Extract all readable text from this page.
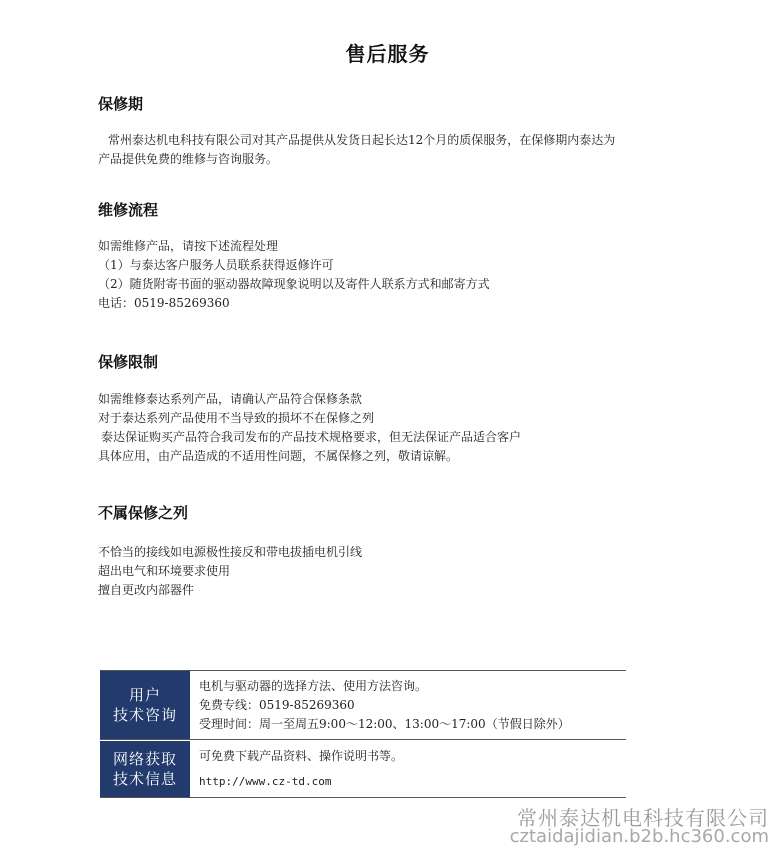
售后服务
保修期

常州泰达机电科技有限公司对其产品提供从发货日起长达12个月的质保服务，在保修期内泰达为

产品提供免费的维修与咨询服务。

维修流程

如需维修产品，请按下述流程处理

（1）与泰达客户服务人员联系获得返修许可

（2）随货附寄书面的驱动器故障现象说明以及寄件人联系方式和邮寄方式

电话：0519-85269360

保修限制

如需维修泰达系列产品，请确认产品符合保修条款

对于泰达系列产品使用不当导致的损坏不在保修之列

泰达保证购买产品符合我司发布的产品技术规格要求，但无法保证产品适合客户

具体应用，由产品造成的不适用性问题，不属保修之列，敬请谅解。

不属保修之列

不恰当的接线如电源极性接反和带电拔插电机引线

超出电气和环境要求使用

擅自更改内部器件

用户
技术咨询

电机与驱动器的选择方法、使用方法咨询。

免费专线：0519-85269360

受理时间：周一至周五9:00～12:00、13:00～17:00（节假日除外）

网络获取
技术信息

可免费下载产品资料、操作说明书等。

http://www.cz-td.com

常州泰达机电科技有限公司
cztaidajidian.b2b.hc360.com
